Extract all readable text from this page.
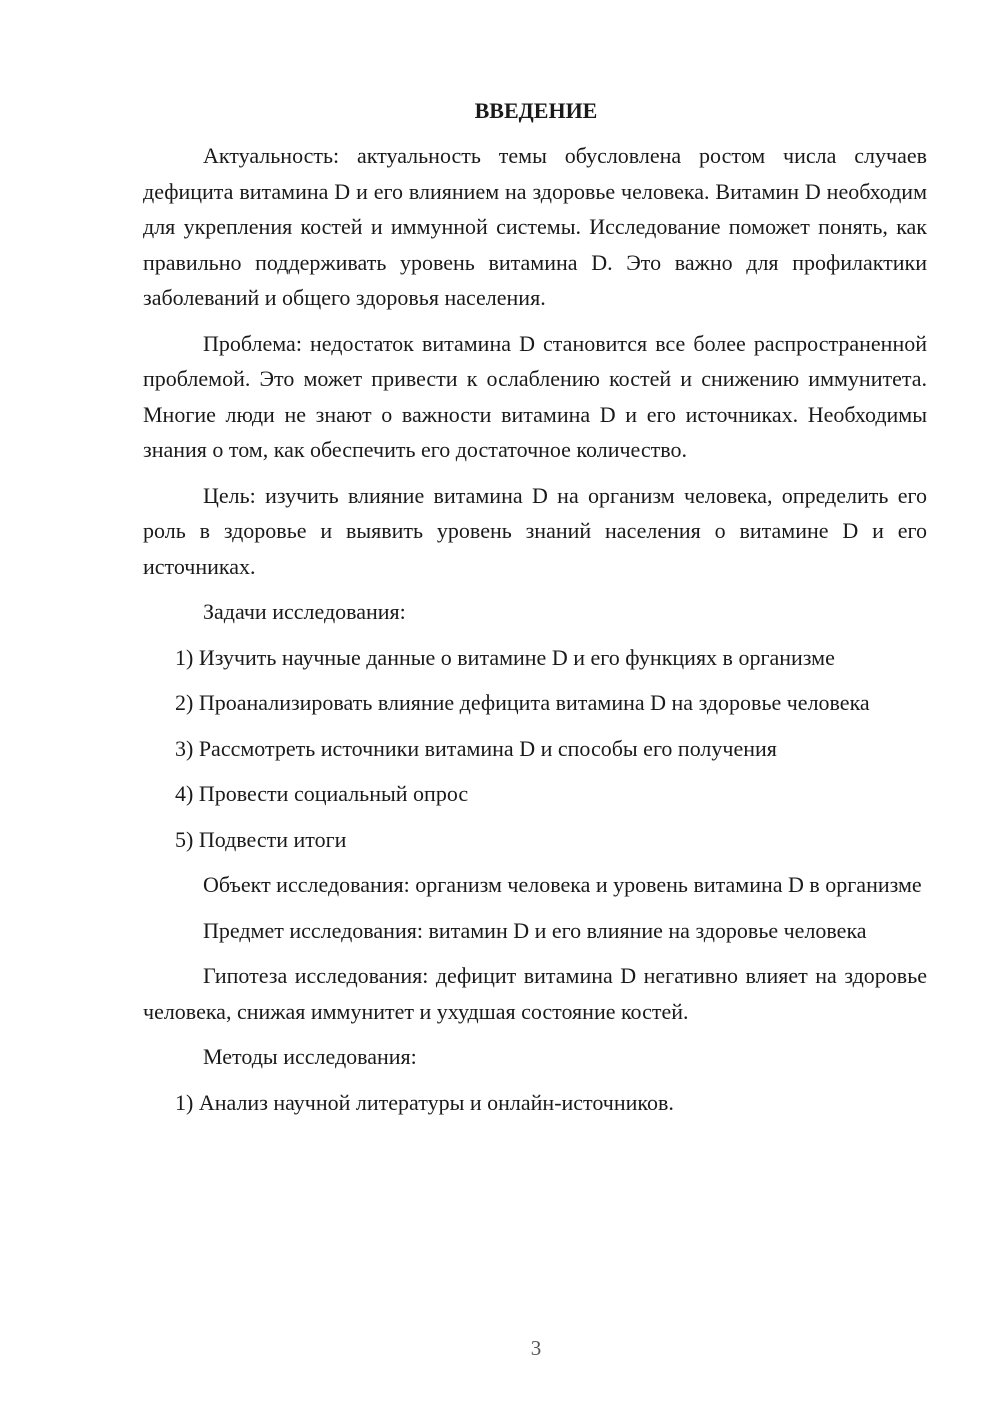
ВВЕДЕНИЕ
Актуальность: актуальность темы обусловлена ростом числа случаев дефицита витамина D и его влиянием на здоровье человека. Витамин D необходим для укрепления костей и иммунной системы. Исследование поможет понять, как правильно поддерживать уровень витамина D. Это важно для профилактики заболеваний и общего здоровья населения.
Проблема: недостаток витамина D становится все более распространенной проблемой. Это может привести к ослаблению костей и снижению иммунитета. Многие люди не знают о важности витамина D и его источниках. Необходимы знания о том, как обеспечить его достаточное количество.
Цель: изучить влияние витамина D на организм человека, определить его роль в здоровье и выявить уровень знаний населения о витамине D и его источниках.
Задачи исследования:
1) Изучить научные данные о витамине D и его функциях в организме
2) Проанализировать влияние дефицита витамина D на здоровье человека
3) Рассмотреть источники витамина D и способы его получения
4) Провести социальный опрос
5) Подвести итоги
Объект исследования: организм человека и уровень витамина D в организме
Предмет исследования: витамин D и его влияние на здоровье человека
Гипотеза исследования: дефицит витамина D негативно влияет на здоровье человека, снижая иммунитет и ухудшая состояние костей.
Методы исследования:
1) Анализ научной литературы и онлайн-источников.
3
